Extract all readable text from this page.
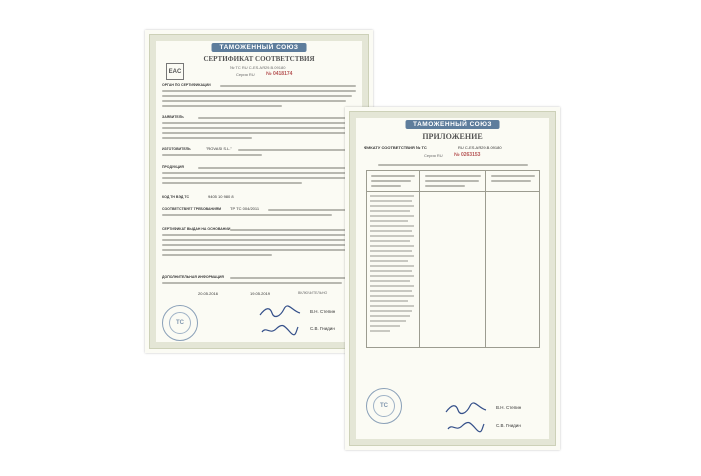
ТАМОЖЕННЫЙ СОЮЗ
СЕРТИФИКАТ СООТВЕТСТВИЯ
№ ТС RU C-ES.АЯ29.В.09180
Серия RU № 0418174
EAC
ОРГАН ПО СЕРТИФИКАЦИИ
ЗАЯВИТЕЛЬ
ИЗГОТОВИТЕЛЬ	"ROVASI S.L."
ПРОДУКЦИЯ
КОД ТН ВЭД ТС	9405 10 980 8
СООТВЕТСТВУЕТ ТРЕБОВАНИЯМ ТР ТС 004/2011
СЕРТИФИКАТ ВЫДАН НА ОСНОВАНИИ
ДОПОЛНИТЕЛЬНАЯ ИНФОРМАЦИЯ
20.05.2016	19.05.2019	ВКЛЮЧИТЕЛЬНО
ТС
В.Н. Степин
С.В. Гнидин
ТАМОЖЕННЫЙ СОЮЗ
ПРИЛОЖЕНИЕ
ФИКАТУ СООТВЕТСТВИЯ № ТС	RU C-ES.АЯ29.В.09180
Серия RU № 0263153
ТС	В.Н. Степин
С.В. Гнидин
